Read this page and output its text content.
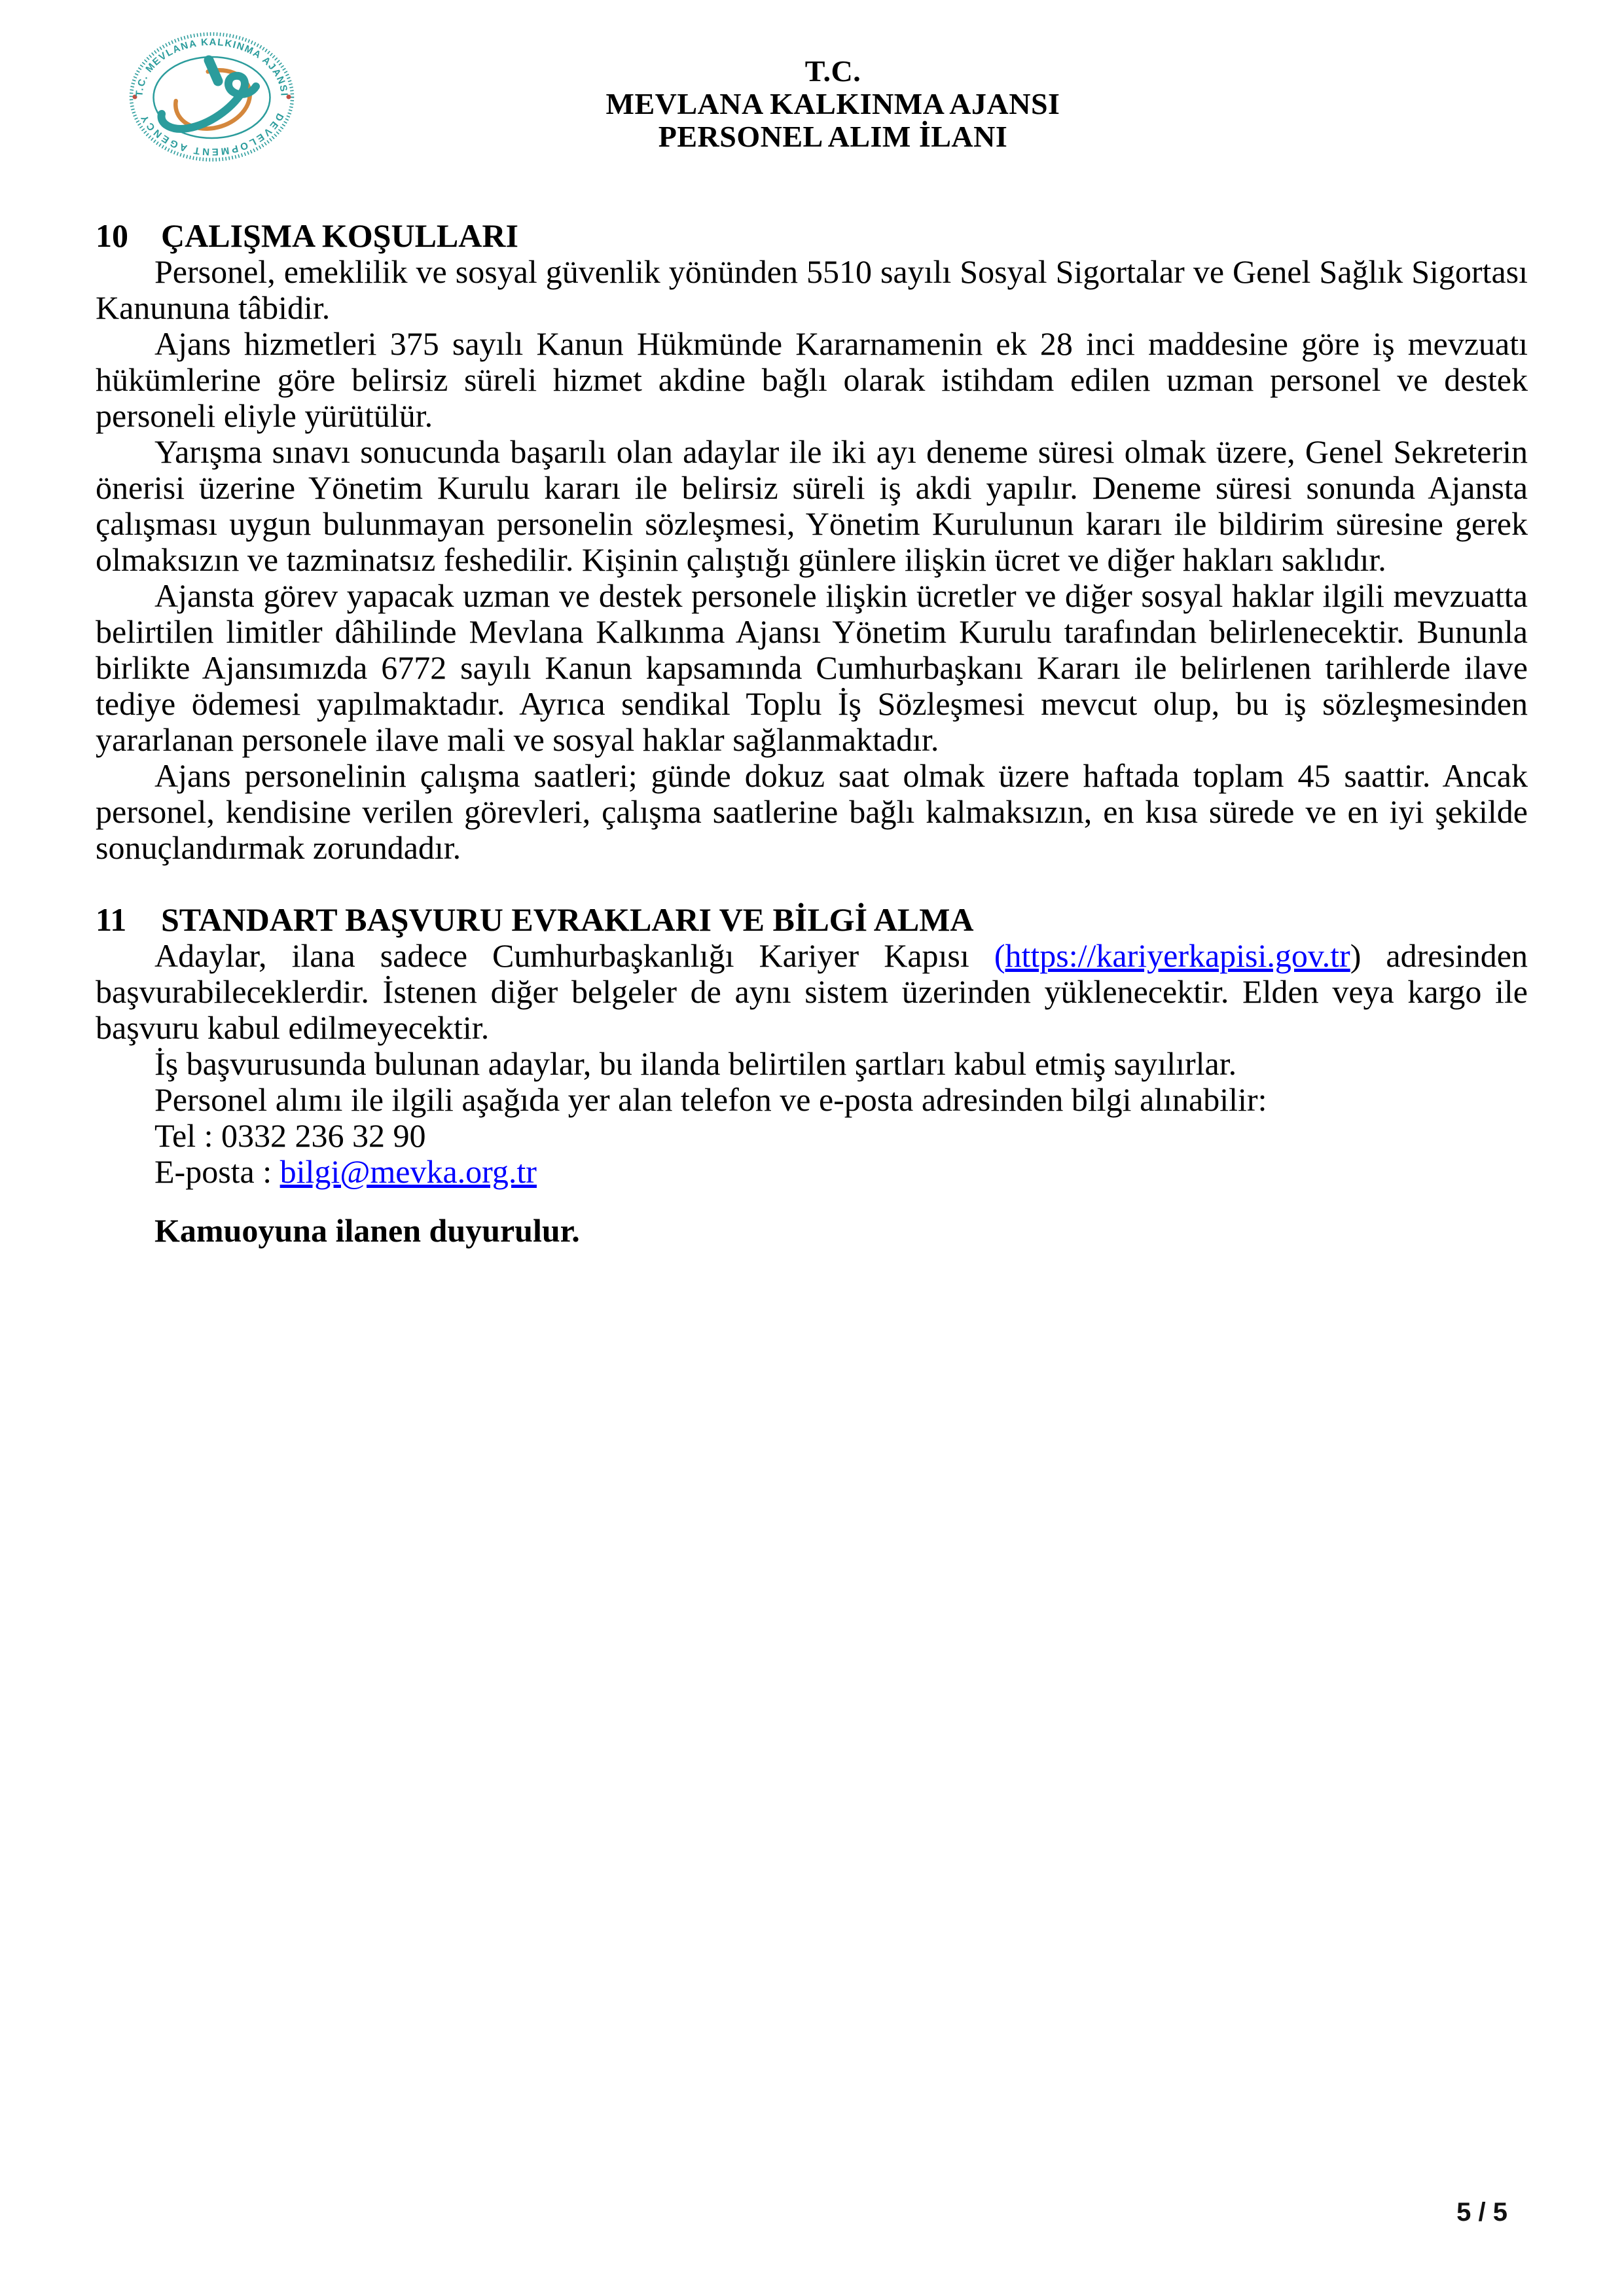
T.C. MEVLANA KALKINMA AJANSI
DEVELOPMENT AGENCY
T.C.
MEVLANA KALKINMA AJANSI
PERSONEL ALIM İLANI
10	ÇALIŞMA KOŞULLARI

Personel, emeklilik ve sosyal güvenlik yönünden 5510 sayılı Sosyal Sigortalar ve Genel Sağlık Sigortası Kanununa tâbidir.

Ajans hizmetleri 375 sayılı Kanun Hükmünde Kararnamenin ek 28 inci maddesine göre iş mevzuatı hükümlerine göre belirsiz süreli hizmet akdine bağlı olarak istihdam edilen uzman personel ve destek personeli eliyle yürütülür.

Yarışma sınavı sonucunda başarılı olan adaylar ile iki ayı deneme süresi olmak üzere, Genel Sekreterin önerisi üzerine Yönetim Kurulu kararı ile belirsiz süreli iş akdi yapılır. Deneme süresi sonunda Ajansta çalışması uygun bulunmayan personelin sözleşmesi, Yönetim Kurulunun kararı ile bildirim süresine gerek olmaksızın ve tazminatsız feshedilir. Kişinin çalıştığı günlere ilişkin ücret ve diğer hakları saklıdır.

Ajansta görev yapacak uzman ve destek personele ilişkin ücretler ve diğer sosyal haklar ilgili mevzuatta belirtilen limitler dâhilinde Mevlana Kalkınma Ajansı Yönetim Kurulu tarafından belirlenecektir. Bununla birlikte Ajansımızda 6772 sayılı Kanun kapsamında Cumhurbaşkanı Kararı ile belirlenen tarihlerde ilave tediye ödemesi yapılmaktadır. Ayrıca sendikal Toplu İş Sözleşmesi mevcut olup, bu iş sözleşmesinden yararlanan personele ilave mali ve sosyal haklar sağlanmaktadır.

Ajans personelinin çalışma saatleri; günde dokuz saat olmak üzere haftada toplam 45 saattir. Ancak personel, kendisine verilen görevleri, çalışma saatlerine bağlı kalmaksızın, en kısa sürede ve en iyi şekilde sonuçlandırmak zorundadır.

11	STANDART BAŞVURU EVRAKLARI VE BİLGİ ALMA

Adaylar, ilana sadece Cumhurbaşkanlığı Kariyer Kapısı (https://kariyerkapisi.gov.tr) adresinden başvurabileceklerdir. İstenen diğer belgeler de aynı sistem üzerinden yüklenecektir. Elden veya kargo ile başvuru kabul edilmeyecektir.

İş başvurusunda bulunan adaylar, bu ilanda belirtilen şartları kabul etmiş sayılırlar.

Personel alımı ile ilgili aşağıda yer alan telefon ve e-posta adresinden bilgi alınabilir:

Tel : 0332 236 32 90

E-posta : bilgi@mevka.org.tr

Kamuoyuna ilanen duyurulur.

5 / 5
